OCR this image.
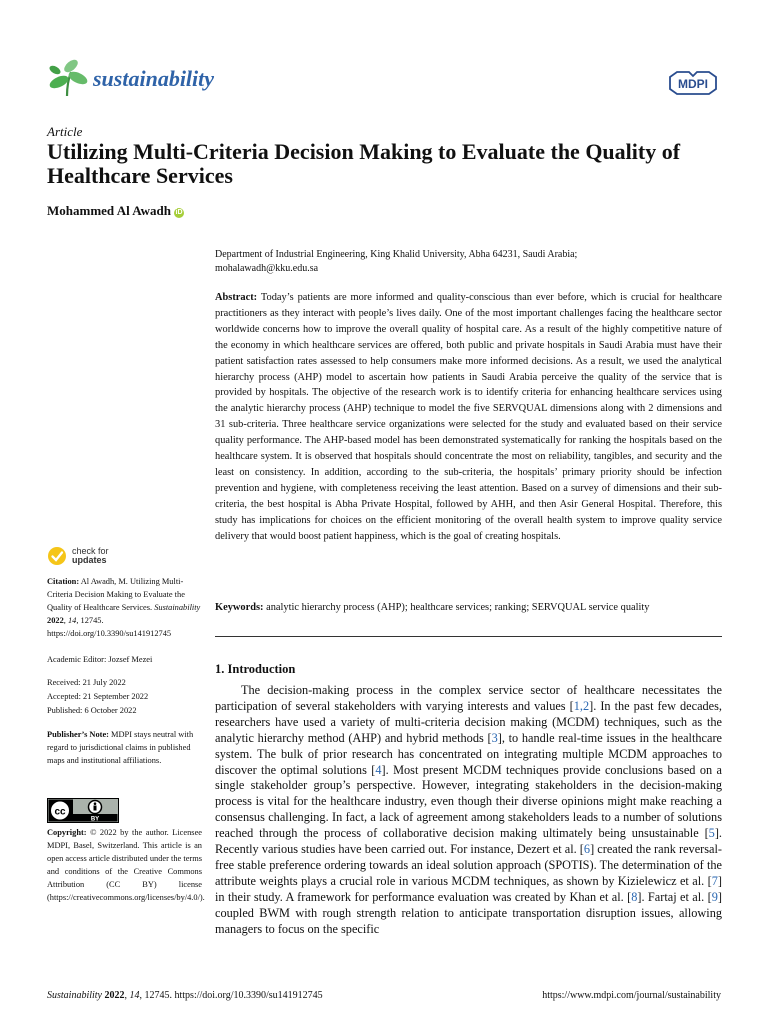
sustainability	MDPI
Article
Utilizing Multi-Criteria Decision Making to Evaluate the Quality of Healthcare Services
Mohammed Al Awadh iD
Department of Industrial Engineering, King Khalid University, Abha 64231, Saudi Arabia;
mohalawadh@kku.edu.sa

Abstract: Today’s patients are more informed and quality-conscious than ever before, which is crucial for healthcare practitioners as they interact with people’s lives daily. One of the most important challenges facing the healthcare sector worldwide concerns how to improve the overall quality of hospital care. As a result of the highly competitive nature of the economy in which healthcare services are offered, both public and private hospitals in Saudi Arabia must have their patient satisfaction rates assessed to help consumers make more informed decisions. As a result, we used the analytical hierarchy process (AHP) model to ascertain how patients in Saudi Arabia perceive the quality of the service that is provided by hospitals. The objective of the research work is to identify criteria for enhancing healthcare services using the analytic hierarchy process (AHP) technique to model the five SERVQUAL dimensions along with 2 dimensions and 31 sub-criteria. Three healthcare service organizations were selected for the study and evaluated based on their service quality performance. The AHP-based model has been demonstrated systematically for ranking the hospitals based on the healthcare system. It is observed that hospitals should concentrate the most on reliability, tangibles, and security and the least on consistency. In addition, according to the sub-criteria, the hospitals’ primary priority should be infection prevention and hygiene, with completeness receiving the least attention. Based on a survey of dimensions and their sub-criteria, the best hospital is Abha Private Hospital, followed by AHH, and then Asir General Hospital. Therefore, this study has implications for choices on the efficient monitoring of the overall health system to improve quality service delivery that would boost patient happiness, which is the goal of creating hospitals.

Keywords: analytic hierarchy process (AHP); healthcare services; ranking; SERVQUAL service quality

1. Introduction

The decision-making process in the complex service sector of healthcare necessitates the participation of several stakeholders with varying interests and values [1,2]. In the past few decades, researchers have used a variety of multi-criteria decision making (MCDM) techniques, such as the analytic hierarchy method (AHP) and hybrid methods [3], to handle real-time issues in the healthcare system. The bulk of prior research has concentrated on integrating multiple MCDM approaches to discover the optimal solutions [4]. Most present MCDM techniques provide conclusions based on a single stakeholder group’s perspective. However, integrating stakeholders in the decision-making process is vital for the healthcare industry, even though their diverse opinions might make reaching a consensus challenging. In fact, a lack of agreement among stakeholders leads to a number of solutions reached through the process of collaborative decision making ultimately being unsustainable [5]. Recently various studies have been carried out. For instance, Dezert et al. [6] created the rank reversal-free stable preference ordering towards an ideal solution approach (SPOTIS). The determination of the attribute weights plays a crucial role in various MCDM techniques, as shown by Kizielewicz et al. [7] in their study. A framework for performance evaluation was created by Khan et al. [8]. Fartaj et al. [9] coupled BWM with rough strength relation to anticipate transportation disruption issues, allowing managers to focus on the specific

check for
updates

Citation: Al Awadh, M. Utilizing Multi-Criteria Decision Making to Evaluate the Quality of Healthcare Services. Sustainability 2022, 14, 12745. https://doi.org/10.3390/su141912745

Academic Editor: Jozsef Mezei

Received: 21 July 2022

Accepted: 21 September 2022

Published: 6 October 2022

Publisher’s Note: MDPI stays neutral with regard to jurisdictional claims in published maps and institutional affiliations.

cc
BY

Copyright: © 2022 by the author. Licensee MDPI, Basel, Switzerland. This article is an open access article distributed under the terms and conditions of the Creative Commons Attribution (CC BY) license (https://creativecommons.org/licenses/by/4.0/).

Sustainability 2022, 14, 12745. https://doi.org/10.3390/su141912745	https://www.mdpi.com/journal/sustainability
